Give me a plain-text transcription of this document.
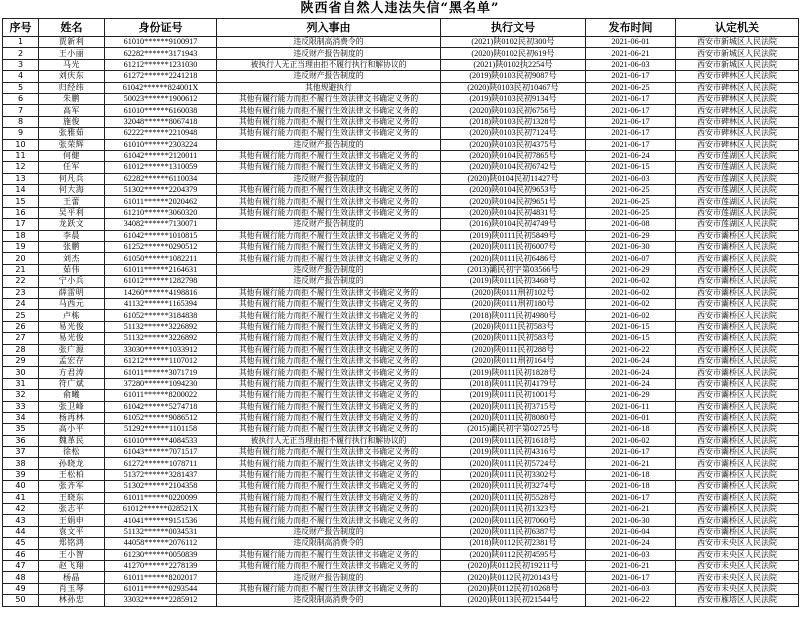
陕西省自然人违法失信“黑名单”
序号	姓名	身份证号	列入事由	执行文号	发布时间	认定机关
1	贾新利	61010******9100917	违反限制高消费令的	(2021)陕0102民初300号	2021-06-01	西安市新城区人民法院
2	王小丽	62282******3171943	违反财产报告制度的	(2020)陕0102民初619号	2021-06-21	西安市新城区人民法院
3	马光	61212******1231030	被执行人无正当理由拒不履行执行和解协议的	(2021)陕0102执2254号	2021-06-03	西安市新城区人民法院
4	刘庆东	61272******2241218	违反财产报告制度的	(2019)陕0103民初9087号	2021-06-17	西安市碑林区人民法院
5	归经纬	61042******824001X	其他规避执行	(2020)陕0103民初10467号	2021-06-25	西安市碑林区人民法院
6	朱鹏	50023******1900612	其他有履行能力而拒不履行生效法律文书确定义务的	(2019)陕0103民初9134号	2021-06-17	西安市碑林区人民法院
7	高军	61010******6160038	其他有履行能力而拒不履行生效法律文书确定义务的	(2020)陕0103民初6756号	2021-06-17	西安市碑林区人民法院
8	施俊	32048******8067418	其他有履行能力而拒不履行生效法律文书确定义务的	(2018)陕0103民初1328号	2021-06-17	西安市碑林区人民法院
9	张雅茹	62222******2210948	其他有履行能力而拒不履行生效法律文书确定义务的	(2020)陕0103民初7124号	2021-06-17	西安市碑林区人民法院
10	张荣辉	61010******2303224	违反财产报告制度的	(2020)陕0103民初4375号	2021-06-17	西安市碑林区人民法院
11	何健	61042******2120011	其他有履行能力而拒不履行生效法律文书确定义务的	(2020)陕0104民初7865号	2021-06-24	西安市莲湖区人民法院
12	任军	61012******1310059	其他有履行能力而拒不履行生效法律文书确定义务的	(2020)陕0104民初6742号	2021-06-15	西安市莲湖区人民法院
13	何凡兵	62282******6110034	违反财产报告制度的	(2020)陕0104民初11427号	2021-06-03	西安市莲湖区人民法院
14	何大海	51302******2204379	其他有履行能力而拒不履行生效法律文书确定义务的	(2020)陕0104民初9653号	2021-06-25	西安市莲湖区人民法院
15	王蕾	61011******2020462	其他有履行能力而拒不履行生效法律文书确定义务的	(2020)陕0104民初9651号	2021-06-25	西安市莲湖区人民法院
16	吴平利	61210******3060320	其他有履行能力而拒不履行生效法律文书确定义务的	(2020)陕0104民初4831号	2021-06-25	西安市莲湖区人民法院
17	龙跃文	34082******7130071	违反财产报告制度的	(2016)陕0104民初4749号	2021-06-08	西安市莲湖区人民法院
18	李晨	61042******1010815	其他有履行能力而拒不履行生效法律文书确定义务的	(2019)陕0111民初5849号	2021-06-29	西安市灞桥区人民法院
19	张鹏	61252******0290512	其他有履行能力而拒不履行生效法律文书确定义务的	(2020)陕0111民初6007号	2021-06-30	西安市灞桥区人民法院
20	刘杰	61050******1082211	其他有履行能力而拒不履行生效法律文书确定义务的	(2020)陕0111民初6486号	2021-06-07	西安市灞桥区人民法院
21	茹伟	61011******2164631	违反财产报告制度的	(2013)灞民初字第03566号	2021-06-29	西安市灞桥区人民法院
22	宁小兵	61012******1282798	违反财产报告制度的	(2019)陕0111民初3468号	2021-06-02	西安市灞桥区人民法院
23	薛雷明	14260******4198816	其他有履行能力而拒不履行生效法律文书确定义务的	(2020)陕0111刑初102号	2021-06-02	西安市灞桥区人民法院
24	马西元	41132******1165394	其他有履行能力而拒不履行生效法律文书确定义务的	(2020)陕0111刑初180号	2021-06-02	西安市灞桥区人民法院
25	卢栋	61052******3184838	其他有履行能力而拒不履行生效法律文书确定义务的	(2018)陕0111民初4980号	2021-06-02	西安市灞桥区人民法院
26	易光俊	51132******3226892	其他有履行能力而拒不履行生效法律文书确定义务的	(2020)陕0111民初583号	2021-06-15	西安市灞桥区人民法院
27	易光俊	51132******3226892	其他有履行能力而拒不履行生效法律文书确定义务的	(2020)陕0111民初583号	2021-06-15	西安市灞桥区人民法院
28	张广源	33030******1033912	其他有履行能力而拒不履行生效法律文书确定义务的	(2020)陕0111民初288号	2021-06-22	西安市灞桥区人民法院
29	孟宏存	61212******1107012	其他有履行能力而拒不履行生效法律文书确定义务的	(2020)陕0111刑初164号	2021-06-24	西安市灞桥区人民法院
30	方君涛	61011******3071719	其他有履行能力而拒不履行生效法律文书确定义务的	(2019)陕0111民初1828号	2021-06-24	西安市灞桥区人民法院
31	符广斌	37280******1094230	其他有履行能力而拒不履行生效法律文书确定义务的	(2018)陕0111民初4179号	2021-06-24	西安市灞桥区人民法院
32	俞曦	61011******8200022	其他有履行能力而拒不履行生效法律文书确定义务的	(2019)陕0111民初1001号	2021-06-29	西安市灞桥区人民法院
33	张卫峰	61042******5274718	其他有履行能力而拒不履行生效法律文书确定义务的	(2020)陕0111民初3715号	2021-06-11	西安市灞桥区人民法院
34	杨再林	61052******9086512	其他有履行能力而拒不履行生效法律文书确定义务的	(2020)陕0111民初8080号	2021-06-01	西安市灞桥区人民法院
35	高小平	51292******1101158	其他有履行能力而拒不履行生效法律文书确定义务的	(2015)灞民初字第02725号	2021-06-18	西安市灞桥区人民法院
36	魏革民	61010******4084533	被执行人无正当理由拒不履行执行和解协议的	(2019)陕0111民初1618号	2021-06-02	西安市灞桥区人民法院
37	徐松	61043******7071517	其他有履行能力而拒不履行生效法律文书确定义务的	(2019)陕0111民初4316号	2021-06-17	西安市灞桥区人民法院
38	孙晓龙	61272******1078711	其他有履行能力而拒不履行生效法律文书确定义务的	(2020)陕0111民初5724号	2021-06-21	西安市灞桥区人民法院
39	王松柏	51372******3281437	其他有履行能力而拒不履行生效法律文书确定义务的	(2020)陕0111民初3302号	2021-06-18	西安市灞桥区人民法院
40	张齐军	51302******2104358	其他有履行能力而拒不履行生效法律文书确定义务的	(2020)陕0111民初3274号	2021-06-18	西安市灞桥区人民法院
41	王晓东	61011******0220099	其他有履行能力而拒不履行生效法律文书确定义务的	(2020)陕0111民初5528号	2021-06-17	西安市灞桥区人民法院
42	张志平	61012******028521X	其他有履行能力而拒不履行生效法律文书确定义务的	(2020)陕0111民初1323号	2021-06-21	西安市灞桥区人民法院
43	王娟申	41041******9151536	其他有履行能力而拒不履行生效法律文书确定义务的	(2020)陕0111民初7060号	2021-06-30	西安市灞桥区人民法院
44	袁文平	51132******0034531	违反财产报告制度的	(2020)陕0111民初6387号	2021-06-04	西安市灞桥区人民法院
45	郑铭鸿	44058******2076112	违反限制高消费令的	(2018)陕0112民初2381号	2021-06-24	西安市未央区人民法院
46	王小智	61230******0050839	其他有履行能力而拒不履行生效法律文书确定义务的	(2020)陕0112民初4595号	2021-06-03	西安市未央区人民法院
47	赵飞翔	41270******2278139	其他有履行能力而拒不履行生效法律文书确定义务的	(2020)陕0112民初19211号	2021-06-21	西安市未央区人民法院
48	杨晶	61011******8202017	违反财产报告制度的	(2020)陕0112民初20143号	2021-06-17	西安市未央区人民法院
49	肖玉琴	61011******0293544	其他有履行能力而拒不履行生效法律文书确定义务的	(2020)陕0112民初10268号	2021-06-03	西安市未央区人民法院
50	林孙忠	33032******2285912	违反限制高消费令的	(2020)陕0113民初21544号	2021-06-22	西安市雁塔区人民法院
